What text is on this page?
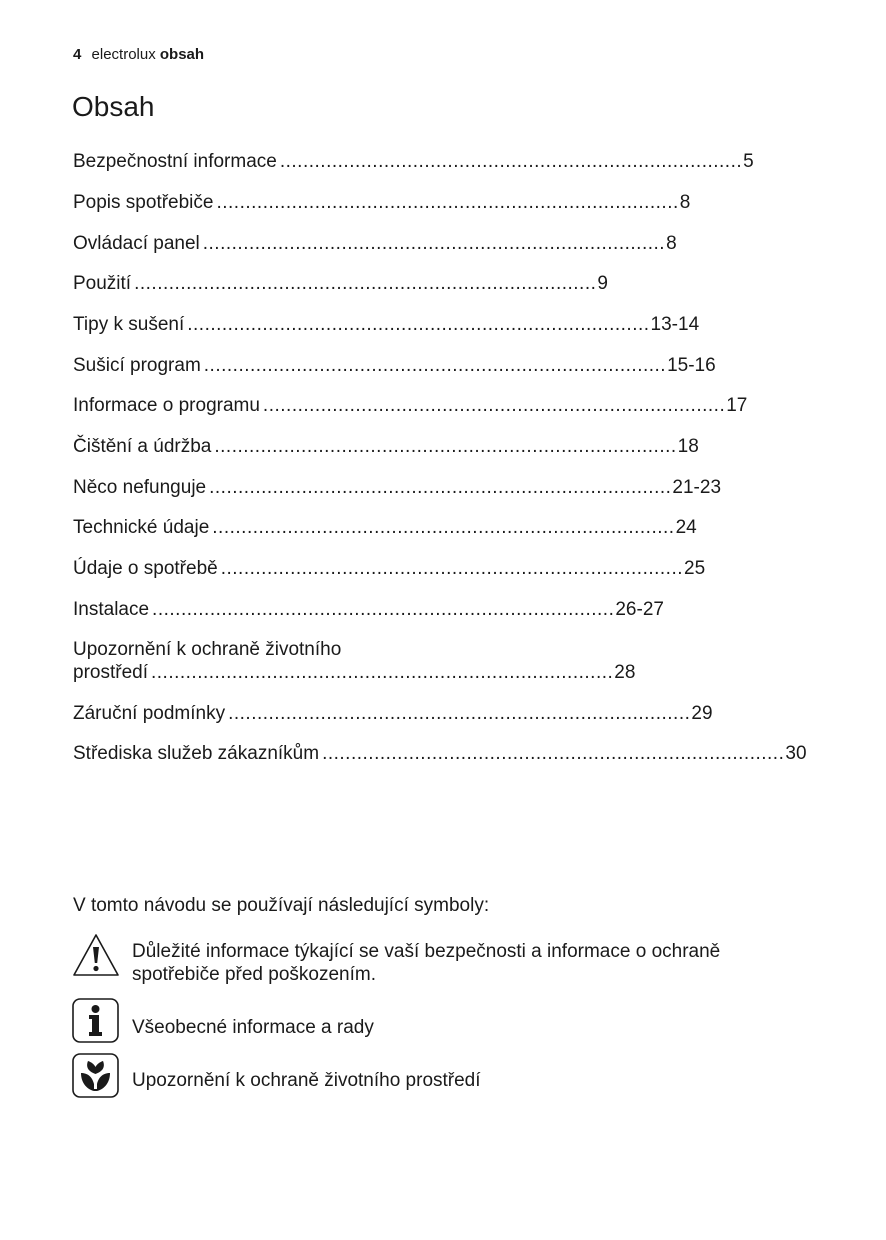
4 electrolux obsah
Obsah
Bezpečnostní informace ................................................................................ 5
Popis spotřebiče ................................................................................ 8
Ovládací panel ................................................................................ 8
Použití ................................................................................ 9
Tipy k sušení ................................................................................ 13-14
Sušicí program ................................................................................ 15-16
Informace o programu ................................................................................ 17
Čištění a údržba ................................................................................ 18
Něco nefunguje ................................................................................ 21-23
Technické údaje ................................................................................ 24
Údaje o spotřebě ................................................................................ 25
Instalace ................................................................................ 26-27
Upozornění k ochraně životního
prostředí ................................................................................ 28
Záruční podmínky ................................................................................ 29
Střediska služeb zákazníkům ................................................................................ 30
V tomto návodu se používají následující symboly:
Důležité informace týkající se vaší bezpečnosti a informace o ochraně
spotřebiče před poškozením.
Všeobecné informace a rady
Upozornění k ochraně životního prostředí
